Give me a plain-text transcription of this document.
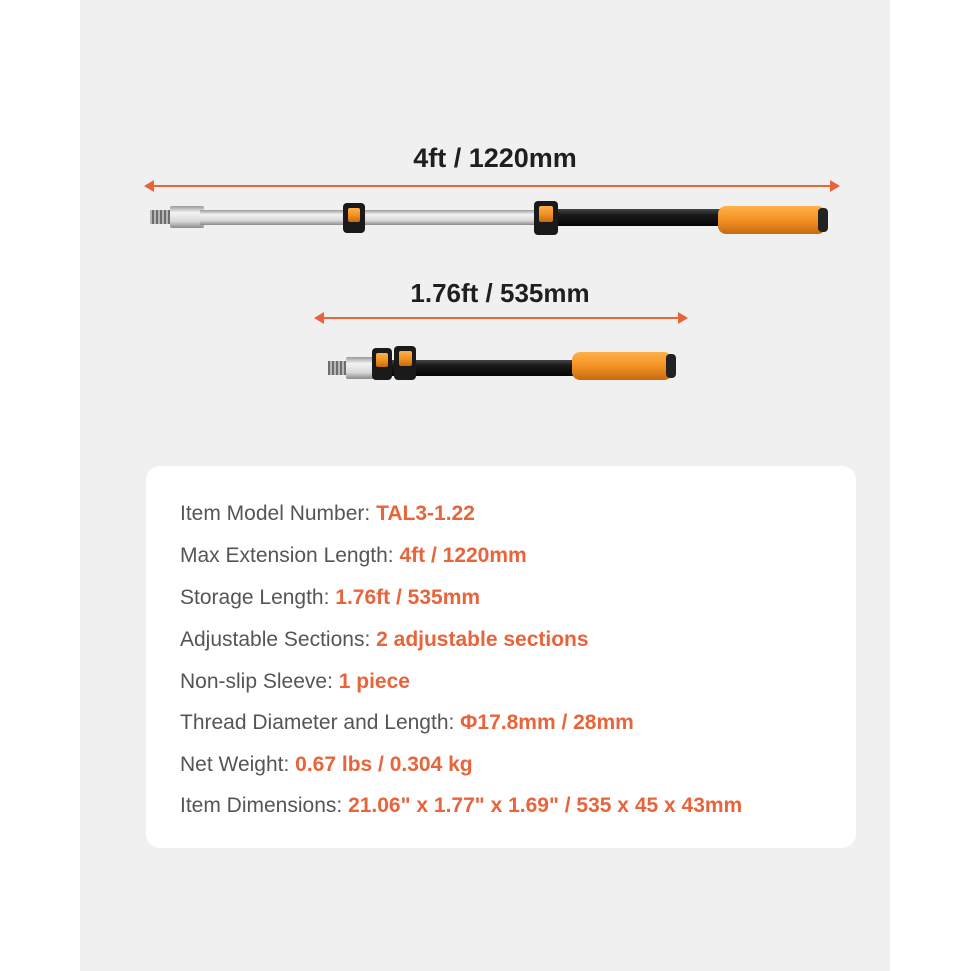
4ft / 1220mm
1.76ft / 535mm
Item Model Number: TAL3-1.22
Max Extension Length: 4ft / 1220mm
Storage Length: 1.76ft / 535mm
Adjustable Sections: 2 adjustable sections
Non-slip Sleeve: 1 piece
Thread Diameter and Length: Φ17.8mm / 28mm
Net Weight: 0.67 lbs / 0.304 kg
Item Dimensions: 21.06" x 1.77" x 1.69" / 535 x 45 x 43mm
